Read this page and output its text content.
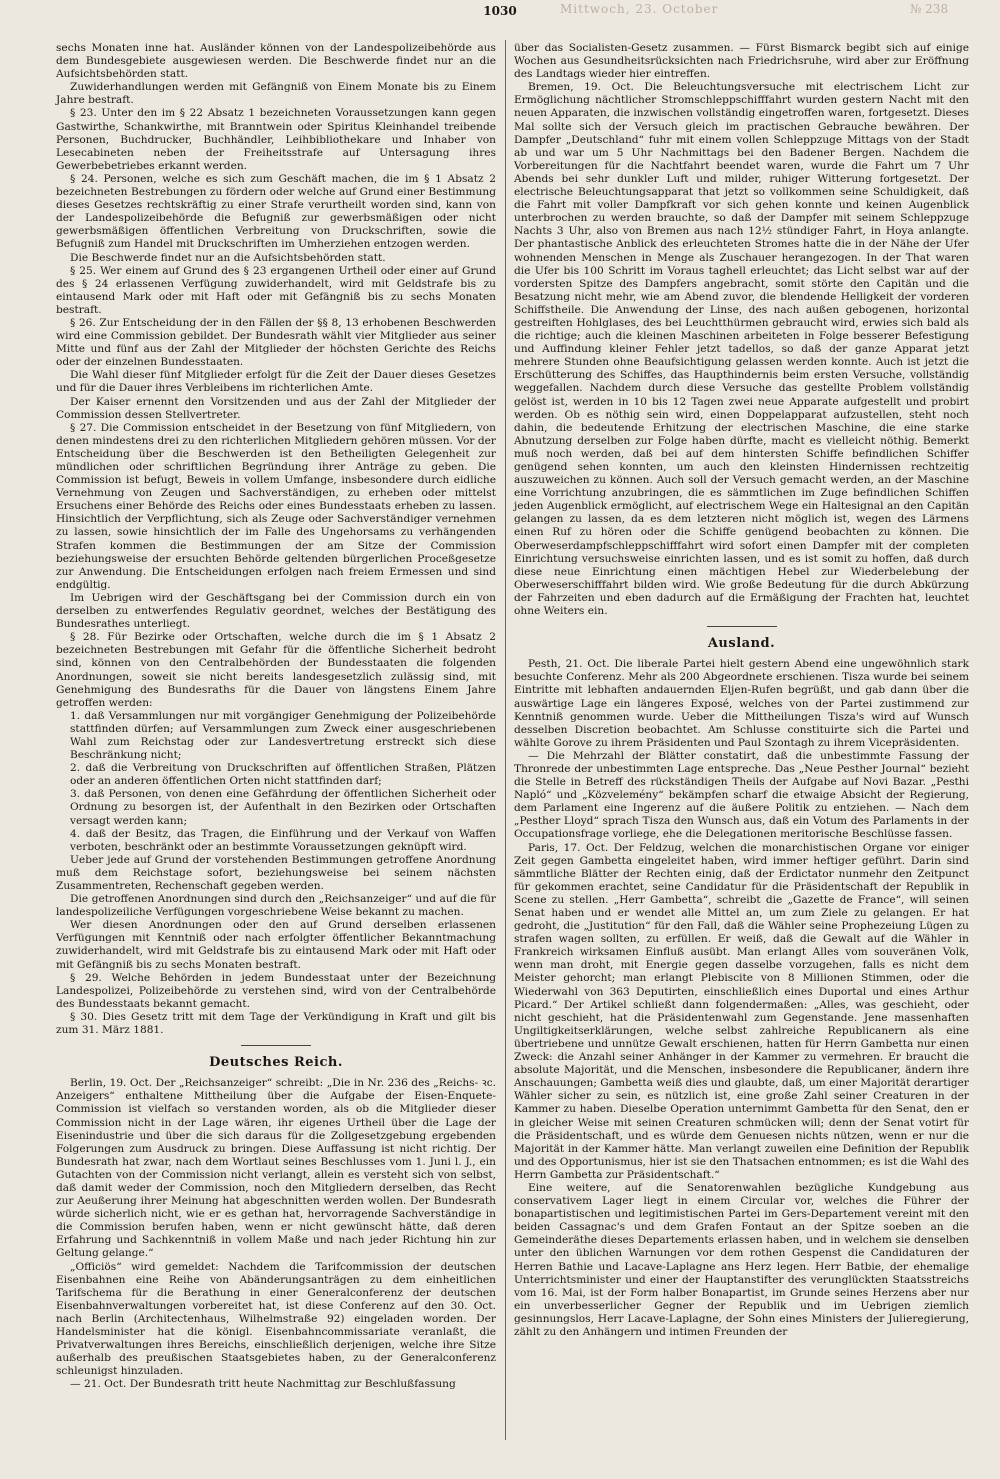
Mittwoch, 23. October	№ 238
1030

sechs Monaten inne hat. Ausländer können von der Landespolizeibehörde aus dem Bundesgebiete ausgewiesen werden. Die Beschwerde findet nur an die Aufsichtsbehörden statt.

Zuwiderhandlungen werden mit Gefängniß von Einem Monate bis zu Einem Jahre bestraft.

§ 23. Unter den im § 22 Absatz 1 bezeichneten Voraussetzungen kann gegen Gastwirthe, Schankwirthe, mit Branntwein oder Spiritus Kleinhandel treibende Personen, Buchdrucker, Buchhändler, Leihbibliothekare und Inhaber von Lesecabineten neben der Freiheitsstrafe auf Untersagung ihres Gewerbebetriebes erkannt werden.

§ 24. Personen, welche es sich zum Geschäft machen, die im § 1 Absatz 2 bezeichneten Bestrebungen zu fördern oder welche auf Grund einer Bestimmung dieses Gesetzes rechtskräftig zu einer Strafe verurtheilt worden sind, kann von der Landespolizeibehörde die Befugniß zur gewerbsmäßigen oder nicht gewerbsmäßigen öffentlichen Verbreitung von Druckschriften, sowie die Befugniß zum Handel mit Druckschriften im Umherziehen entzogen werden.

Die Beschwerde findet nur an die Aufsichtsbehörden statt.

§ 25. Wer einem auf Grund des § 23 ergangenen Urtheil oder einer auf Grund des § 24 erlassenen Verfügung zuwiderhandelt, wird mit Geldstrafe bis zu eintausend Mark oder mit Haft oder mit Gefängniß bis zu sechs Monaten bestraft.

§ 26. Zur Entscheidung der in den Fällen der §§ 8, 13 erhobenen Beschwerden wird eine Commission gebildet. Der Bundesrath wählt vier Mitglieder aus seiner Mitte und fünf aus der Zahl der Mitglieder der höchsten Gerichte des Reichs oder der einzelnen Bundesstaaten.

Die Wahl dieser fünf Mitglieder erfolgt für die Zeit der Dauer dieses Gesetzes und für die Dauer ihres Verbleibens im richterlichen Amte.

Der Kaiser ernennt den Vorsitzenden und aus der Zahl der Mitglieder der Commission dessen Stellvertreter.

§ 27. Die Commission entscheidet in der Besetzung von fünf Mitgliedern, von denen mindestens drei zu den richterlichen Mitgliedern gehören müssen. Vor der Entscheidung über die Beschwerden ist den Betheiligten Gelegenheit zur mündlichen oder schriftlichen Begründung ihrer Anträge zu geben. Die Commission ist befugt, Beweis in vollem Umfange, insbesondere durch eidliche Vernehmung von Zeugen und Sachverständigen, zu erheben oder mittelst Ersuchens einer Behörde des Reichs oder eines Bundesstaats erheben zu lassen. Hinsichtlich der Verpflichtung, sich als Zeuge oder Sachverständiger vernehmen zu lassen, sowie hinsichtlich der im Falle des Ungehorsams zu verhängenden Strafen kommen die Bestimmungen der am Sitze der Commission beziehungsweise der ersuchten Behörde geltenden bürgerlichen Proceßgesetze zur Anwendung. Die Entscheidungen erfolgen nach freiem Ermessen und sind endgültig.

Im Uebrigen wird der Geschäftsgang bei der Commission durch ein von derselben zu entwerfendes Regulativ geordnet, welches der Bestätigung des Bundesrathes unterliegt.

§ 28. Für Bezirke oder Ortschaften, welche durch die im § 1 Absatz 2 bezeichneten Bestrebungen mit Gefahr für die öffentliche Sicherheit bedroht sind, können von den Centralbehörden der Bundesstaaten die folgenden Anordnungen, soweit sie nicht bereits landesgesetzlich zulässig sind, mit Genehmigung des Bundesraths für die Dauer von längstens Einem Jahre getroffen werden:

1. daß Versammlungen nur mit vorgängiger Genehmigung der Polizeibehörde stattfinden dürfen; auf Versammlungen zum Zweck einer ausgeschriebenen Wahl zum Reichstag oder zur Landesvertretung erstreckt sich diese Beschränkung nicht;

2. daß die Verbreitung von Druckschriften auf öffentlichen Straßen, Plätzen oder an anderen öffentlichen Orten nicht stattfinden darf;

3. daß Personen, von denen eine Gefährdung der öffentlichen Sicherheit oder Ordnung zu besorgen ist, der Aufenthalt in den Bezirken oder Ortschaften versagt werden kann;

4. daß der Besitz, das Tragen, die Einführung und der Verkauf von Waffen verboten, beschränkt oder an bestimmte Voraussetzungen geknüpft wird.

Ueber jede auf Grund der vorstehenden Bestimmungen getroffene Anordnung muß dem Reichstage sofort, beziehungsweise bei seinem nächsten Zusammentreten, Rechenschaft gegeben werden.

Die getroffenen Anordnungen sind durch den „Reichsanzeiger“ und auf die für landespolizeiliche Verfügungen vorgeschriebene Weise bekannt zu machen.

Wer diesen Anordnungen oder den auf Grund derselben erlassenen Verfügungen mit Kenntniß oder nach erfolgter öffentlicher Bekanntmachung zuwiderhandelt, wird mit Geldstrafe bis zu eintausend Mark oder mit Haft oder mit Gefängniß bis zu sechs Monaten bestraft.

§ 29. Welche Behörden in jedem Bundesstaat unter der Bezeichnung Landespolizei, Polizeibehörde zu verstehen sind, wird von der Centralbehörde des Bundesstaats bekannt gemacht.

§ 30. Dies Gesetz tritt mit dem Tage der Verkündigung in Kraft und gilt bis zum 31. März 1881.

Deutsches Reich.

Berlin, 19. Oct. Der „Reichsanzeiger“ schreibt: „Die in Nr. 236 des „Reichs- ꝛc. Anzeigers“ enthaltene Mittheilung über die Aufgabe der Eisen-Enquete-Commission ist vielfach so verstanden worden, als ob die Mitglieder dieser Commission nicht in der Lage wären, ihr eigenes Urtheil über die Lage der Eisenindustrie und über die sich daraus für die Zollgesetzgebung ergebenden Folgerungen zum Ausdruck zu bringen. Diese Auffassung ist nicht richtig. Der Bundesrath hat zwar, nach dem Wortlaut seines Beschlusses vom 1. Juni l. J., ein Gutachten von der Commission nicht verlangt, allein es versteht sich von selbst, daß damit weder der Commission, noch den Mitgliedern derselben, das Recht zur Aeußerung ihrer Meinung hat abgeschnitten werden wollen. Der Bundesrath würde sicherlich nicht, wie er es gethan hat, hervorragende Sachverständige in die Commission berufen haben, wenn er nicht gewünscht hätte, daß deren Erfahrung und Sachkenntniß in vollem Maße und nach jeder Richtung hin zur Geltung gelange.“

„Officiös“ wird gemeldet: Nachdem die Tarifcommission der deutschen Eisenbahnen eine Reihe von Abänderungsanträgen zu dem einheitlichen Tarifschema für die Berathung in einer Generalconferenz der deutschen Eisenbahnverwaltungen vorbereitet hat, ist diese Conferenz auf den 30. Oct. nach Berlin (Architectenhaus, Wilhelmstraße 92) eingeladen worden. Der Handelsminister hat die königl. Eisenbahncommissariate veranlaßt, die Privatverwaltungen ihres Bereichs, einschließlich derjenigen, welche ihre Sitze außerhalb des preußischen Staatsgebietes haben, zu der Generalconferenz schleunigst hinzuladen.

— 21. Oct. Der Bundesrath tritt heute Nachmittag zur Beschlußfassung

über das Socialisten-Gesetz zusammen. — Fürst Bismarck begibt sich auf einige Wochen aus Gesundheitsrücksichten nach Friedrichsruhe, wird aber zur Eröffnung des Landtags wieder hier eintreffen.

Bremen, 19. Oct. Die Beleuchtungsversuche mit electrischem Licht zur Ermöglichung nächtlicher Stromschleppschifffahrt wurden gestern Nacht mit den neuen Apparaten, die inzwischen vollständig eingetroffen waren, fortgesetzt. Dieses Mal sollte sich der Versuch gleich im practischen Gebrauche bewähren. Der Dampfer „Deutschland“ fuhr mit einem vollen Schleppzuge Mittags von der Stadt ab und war um 5 Uhr Nachmittags bei den Badener Bergen. Nachdem die Vorbereitungen für die Nachtfahrt beendet waren, wurde die Fahrt um 7 Uhr Abends bei sehr dunkler Luft und milder, ruhiger Witterung fortgesetzt. Der electrische Beleuchtungsapparat that jetzt so vollkommen seine Schuldigkeit, daß die Fahrt mit voller Dampfkraft vor sich gehen konnte und keinen Augenblick unterbrochen zu werden brauchte, so daß der Dampfer mit seinem Schleppzuge Nachts 3 Uhr, also von Bremen aus nach 12½ stündiger Fahrt, in Hoya anlangte. Der phantastische Anblick des erleuchteten Stromes hatte die in der Nähe der Ufer wohnenden Menschen in Menge als Zuschauer herangezogen. In der That waren die Ufer bis 100 Schritt im Voraus taghell erleuchtet; das Licht selbst war auf der vordersten Spitze des Dampfers angebracht, somit störte den Capitän und die Besatzung nicht mehr, wie am Abend zuvor, die blendende Helligkeit der vorderen Schiffstheile. Die Anwendung der Linse, des nach außen gebogenen, horizontal gestreiften Hohlglases, des bei Leuchtthürmen gebraucht wird, erwies sich bald als die richtige; auch die kleinen Maschinen arbeiteten in Folge besserer Befestigung und Auffindung kleiner Fehler jetzt tadellos, so daß der ganze Apparat jetzt mehrere Stunden ohne Beaufsichtigung gelassen werden konnte. Auch ist jetzt die Erschütterung des Schiffes, das Haupthindernis beim ersten Versuche, vollständig weggefallen. Nachdem durch diese Versuche das gestellte Problem vollständig gelöst ist, werden in 10 bis 12 Tagen zwei neue Apparate aufgestellt und probirt werden. Ob es nöthig sein wird, einen Doppelapparat aufzustellen, steht noch dahin, die bedeutende Erhitzung der electrischen Maschine, die eine starke Abnutzung derselben zur Folge haben dürfte, macht es vielleicht nöthig. Bemerkt muß noch werden, daß bei auf dem hintersten Schiffe befindlichen Schiffer genügend sehen konnten, um auch den kleinsten Hindernissen rechtzeitig auszuweichen zu können. Auch soll der Versuch gemacht werden, an der Maschine eine Vorrichtung anzubringen, die es sämmtlichen im Zuge befindlichen Schiffen jeden Augenblick ermöglicht, auf electrischem Wege ein Haltesignal an den Capitän gelangen zu lassen, da es dem letzteren nicht möglich ist, wegen des Lärmens einen Ruf zu hören oder die Schiffe genügend beobachten zu können. Die Oberweserdampfschleppschifffahrt wird sofort einen Dampfer mit der completen Einrichtung versuchsweise einrichten lassen, und es ist somit zu hoffen, daß durch diese neue Einrichtung einen mächtigen Hebel zur Wiederbelebung der Oberweserschifffahrt bilden wird. Wie große Bedeutung für die durch Abkürzung der Fahrzeiten und eben dadurch auf die Ermäßigung der Frachten hat, leuchtet ohne Weiters ein.

Ausland.

Pesth, 21. Oct. Die liberale Partei hielt gestern Abend eine ungewöhnlich stark besuchte Conferenz. Mehr als 200 Abgeordnete erschienen. Tisza wurde bei seinem Eintritte mit lebhaften andauernden Eljen-Rufen begrüßt, und gab dann über die auswärtige Lage ein längeres Exposé, welches von der Partei zustimmend zur Kenntniß genommen wurde. Ueber die Mittheilungen Tisza's wird auf Wunsch desselben Discretion beobachtet. Am Schlusse constituirte sich die Partei und wählte Gorove zu ihrem Präsidenten und Paul Szontagh zu ihrem Vicepräsidenten.

— Die Mehrzahl der Blätter constatirt, daß die unbestimmte Fassung der Thronrede der unbestimmten Lage entspreche. Das „Neue Pesther Journal“ bezieht die Stelle in Betreff des rückständigen Theils der Aufgabe auf Novi Bazar. „Pesthi Napló“ und „Közvelemény“ bekämpfen scharf die etwaige Absicht der Regierung, dem Parlament eine Ingerenz auf die äußere Politik zu entziehen. — Nach dem „Pesther Lloyd“ sprach Tisza den Wunsch aus, daß ein Votum des Parlaments in der Occupationsfrage vorliege, ehe die Delegationen meritorische Beschlüsse fassen.

Paris, 17. Oct. Der Feldzug, welchen die monarchistischen Organe vor einiger Zeit gegen Gambetta eingeleitet haben, wird immer heftiger geführt. Darin sind sämmtliche Blätter der Rechten einig, daß der Erdictator nunmehr den Zeitpunct für gekommen erachtet, seine Candidatur für die Präsidentschaft der Republik in Scene zu stellen. „Herr Gambetta“, schreibt die „Gazette de France“, will seinen Senat haben und er wendet alle Mittel an, um zum Ziele zu gelangen. Er hat gedroht, die „Justitution“ für den Fall, daß die Wähler seine Prophezeiung Lügen zu strafen wagen sollten, zu erfüllen. Er weiß, daß die Gewalt auf die Wähler in Frankreich wirksamen Einfluß ausübt. Man erlangt Alles vom souveränen Volk, wenn man droht, mit Energie gegen dasselbe vorzugehen, falls es nicht dem Meister gehorcht; man erlangt Plebiscite von 8 Millionen Stimmen, oder die Wiederwahl von 363 Deputirten, einschließlich eines Duportal und eines Arthur Picard.“ Der Artikel schließt dann folgendermaßen: „Alles, was geschieht, oder nicht geschieht, hat die Präsidentenwahl zum Gegenstande. Jene massenhaften Ungiltigkeitserklärungen, welche selbst zahlreiche Republicanern als eine übertriebene und unnütze Gewalt erschienen, hatten für Herrn Gambetta nur einen Zweck: die Anzahl seiner Anhänger in der Kammer zu vermehren. Er braucht die absolute Majorität, und die Menschen, insbesondere die Republicaner, ändern ihre Anschauungen; Gambetta weiß dies und glaubte, daß, um einer Majorität derartiger Wähler sicher zu sein, es nützlich ist, eine große Zahl seiner Creaturen in der Kammer zu haben. Dieselbe Operation unternimmt Gambetta für den Senat, den er in gleicher Weise mit seinen Creaturen schmücken will; denn der Senat votirt für die Präsidentschaft, und es würde dem Genuesen nichts nützen, wenn er nur die Majorität in der Kammer hätte. Man verlangt zuweilen eine Definition der Republik und des Opportunismus, hier ist sie den Thatsachen entnommen; es ist die Wahl des Herrn Gambetta zur Präsidentschaft.“

Eine weitere, auf die Senatorenwahlen bezügliche Kundgebung aus conservativem Lager liegt in einem Circular vor, welches die Führer der bonapartistischen und legitimistischen Partei im Gers-Departement vereint mit den beiden Cassagnac's und dem Grafen Fontaut an der Spitze soeben an die Gemeinderäthe dieses Departements erlassen haben, und in welchem sie denselben unter den üblichen Warnungen vor dem rothen Gespenst die Candidaturen der Herren Bathie und Lacave-Laplagne ans Herz legen. Herr Batbie, der ehemalige Unterrichtsminister und einer der Hauptanstifter des verunglückten Staatsstreichs vom 16. Mai, ist der Form halber Bonapartist, im Grunde seines Herzens aber nur ein unverbesserlicher Gegner der Republik und im Uebrigen ziemlich gesinnungslos, Herr Lacave-Laplagne, der Sohn eines Ministers der Julieregierung, zählt zu den Anhängern und intimen Freunden der
